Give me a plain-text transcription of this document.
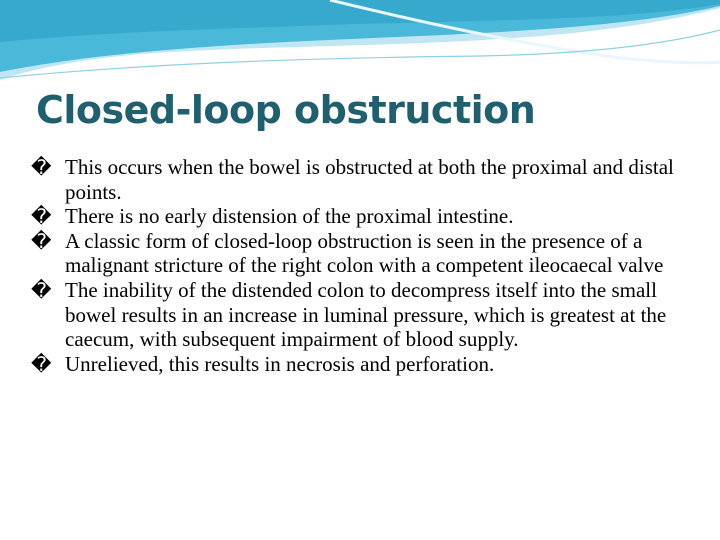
Closed-loop obstruction

� This occurs when the bowel is obstructed at both the proximal and distal points.

� There is no early distension of the proximal intestine.

� A classic form of closed-loop obstruction is seen in the presence of a malignant stricture of the right colon with a competent ileocaecal valve

� The inability of the distended colon to decompress itself into the small bowel results in an increase in luminal pressure, which is greatest at the caecum, with subsequent impairment of blood supply.

� Unrelieved, this results in necrosis and perforation.
